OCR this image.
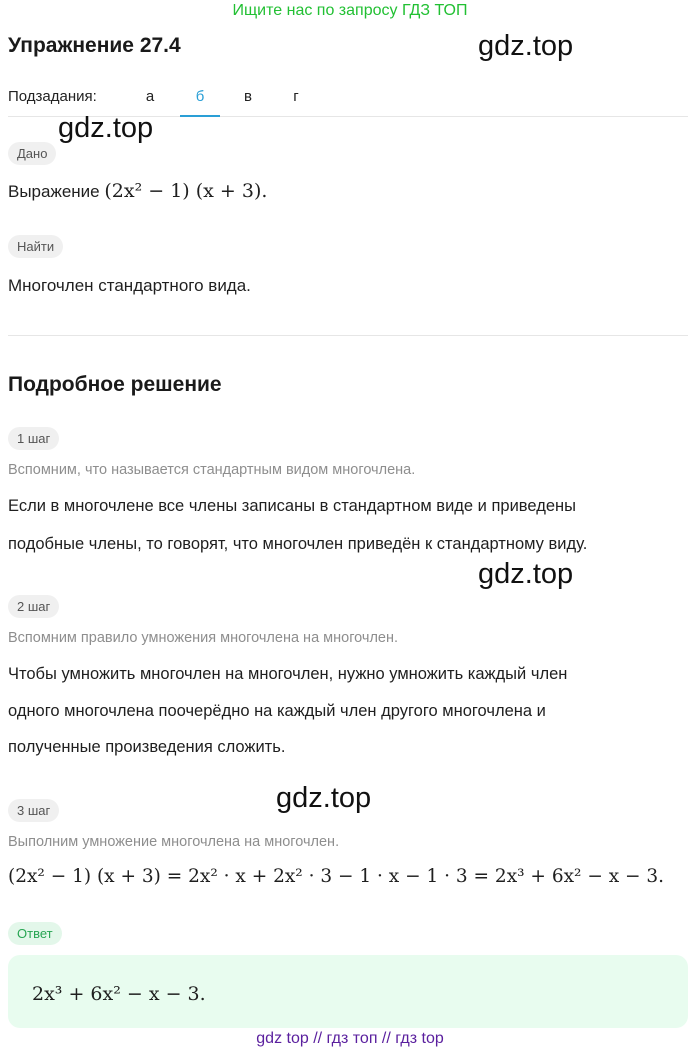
Ищите нас по запросу ГДЗ ТОП
Упражнение 27.4	gdz.top
Подзадания:	а	б	в	г
gdz.top
Дано
Выражение (2x² − 1) (x + 3).
Найти
Многочлен стандартного вида.
Подробное решение
1 шаг
Вспомним, что называется стандартным видом многочлена.
Если в многочлене все члены записаны в стандартном виде и приведены
подобные члены, то говорят, что многочлен приведён к стандартному виду.
gdz.top
2 шаг
Вспомним правило умножения многочлена на многочлен.
Чтобы умножить многочлен на многочлен, нужно умножить каждый член
одного многочлена поочерёдно на каждый член другого многочлена и
полученные произведения сложить.
gdz.top
3 шаг
Выполним умножение многочлена на многочлен.
(2x² − 1) (x + 3) = 2x² · x + 2x² · 3 − 1 · x − 1 · 3 = 2x³ + 6x² − x − 3.
Ответ
2x³ + 6x² − x − 3.
gdz top // гдз топ // гдз top
